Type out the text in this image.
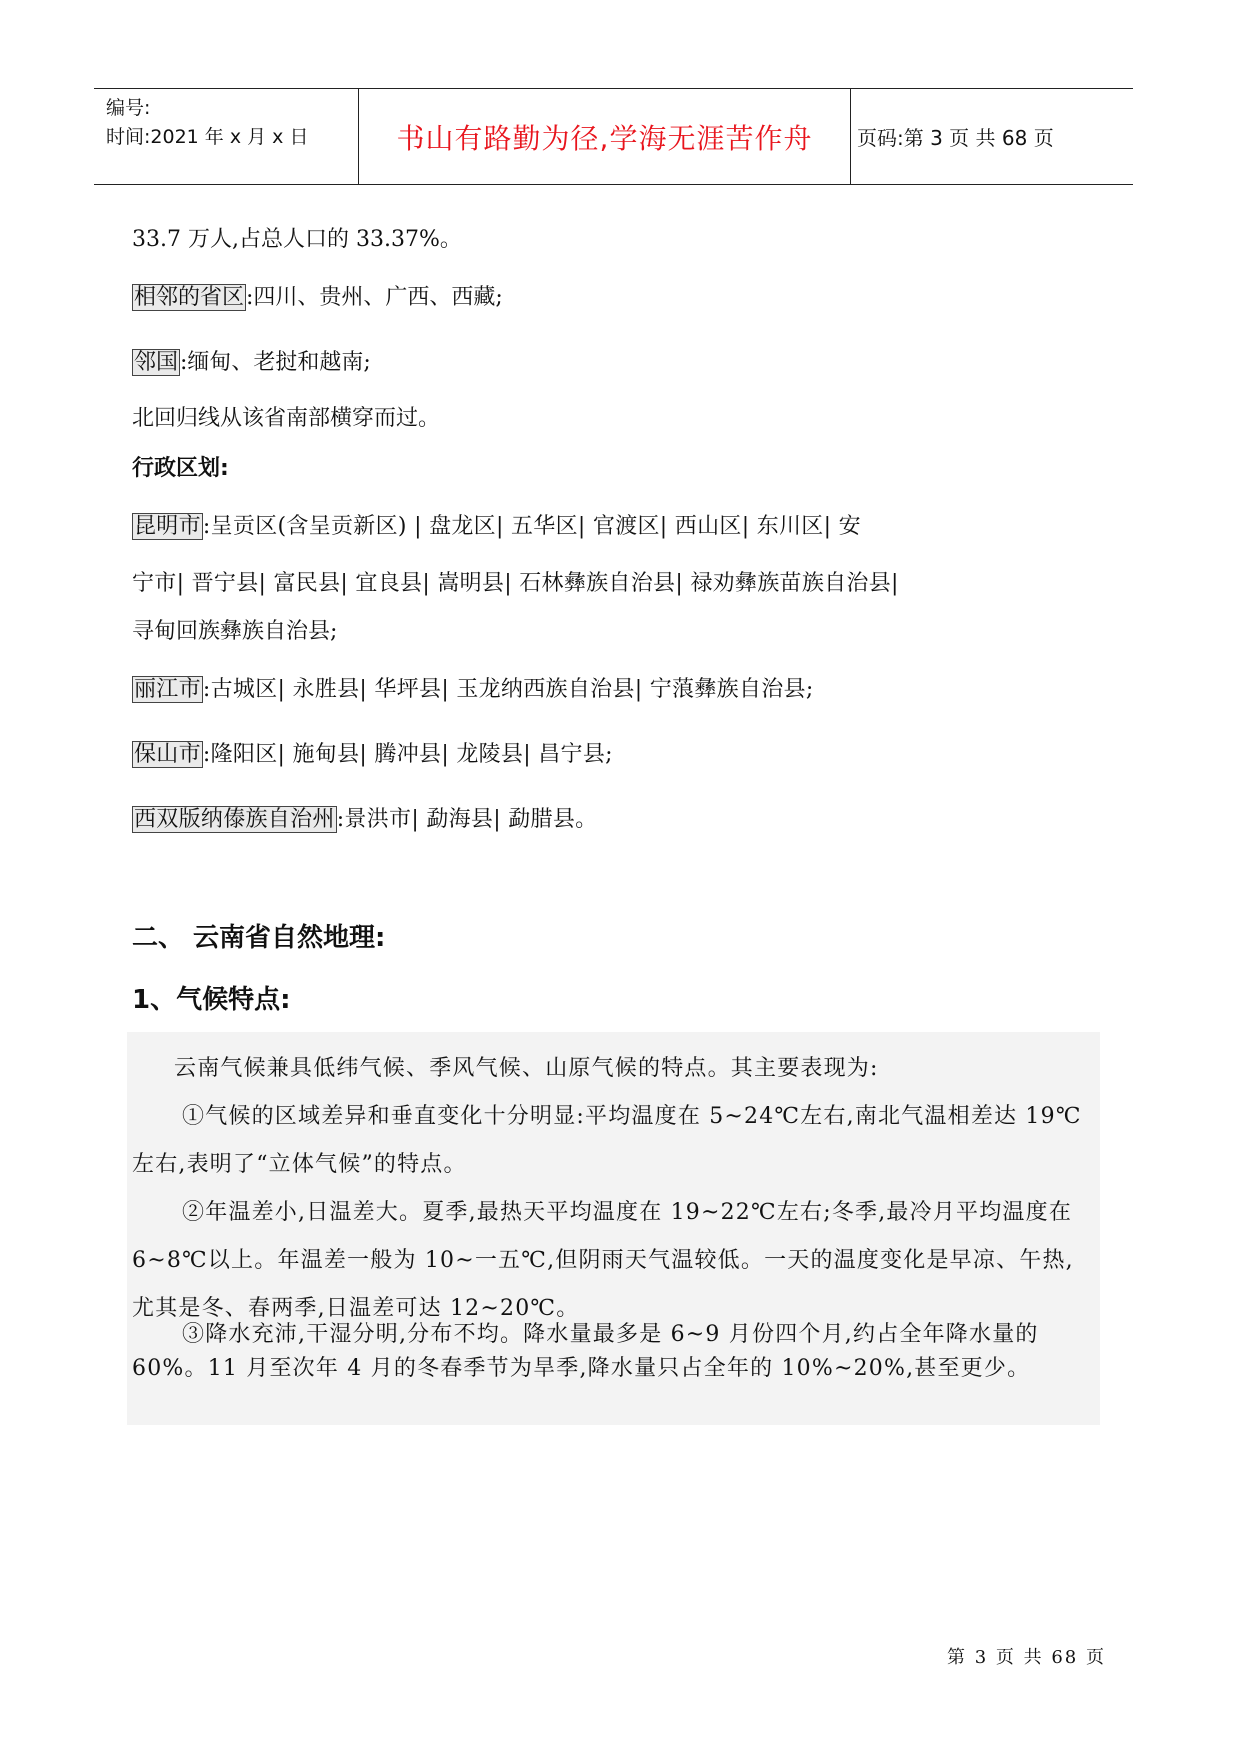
编号:
时间:2021 年 x 月 x 日	书山有路勤为径,学海无涯苦作舟	页码:第 3 页 共 68 页
33.7 万人,占总人口的 33.37%。
相邻的省区:四川、贵州、广西、西藏;
邻国:缅甸、老挝和越南;
北回归线从该省南部横穿而过。
行政区划:
昆明市:呈贡区(含呈贡新区) | 盘龙区| 五华区| 官渡区| 西山区| 东川区| 安
宁市| 晋宁县| 富民县| 宜良县| 嵩明县| 石林彝族自治县| 禄劝彝族苗族自治县|
寻甸回族彝族自治县;
丽江市:古城区| 永胜县| 华坪县| 玉龙纳西族自治县| 宁蒗彝族自治县;
保山市:隆阳区| 施甸县| 腾冲县| 龙陵县| 昌宁县;
西双版纳傣族自治州:景洪市| 勐海县| 勐腊县。
二、 云南省自然地理:
1、气候特点:

云南气候兼具低纬气候、季风气候、山原气候的特点。其主要表现为:

①气候的区域差异和垂直变化十分明显:平均温度在 5~24℃左右,南北气温相差达 19℃左右,表明了“立体气候”的特点。

②年温差小,日温差大。夏季,最热天平均温度在 19~22℃左右;冬季,最冷月平均温度在 6~8℃以上。年温差一般为 10~一五℃,但阴雨天气温较低。一天的温度变化是早凉、午热,尤其是冬、春两季,日温差可达 12~20℃。

③降水充沛,干湿分明,分布不均。降水量最多是 6~9 月份四个月,约占全年降水量的 60%。11 月至次年 4 月的冬春季节为旱季,降水量只占全年的 10%~20%,甚至更少。

第 3 页 共 68 页
